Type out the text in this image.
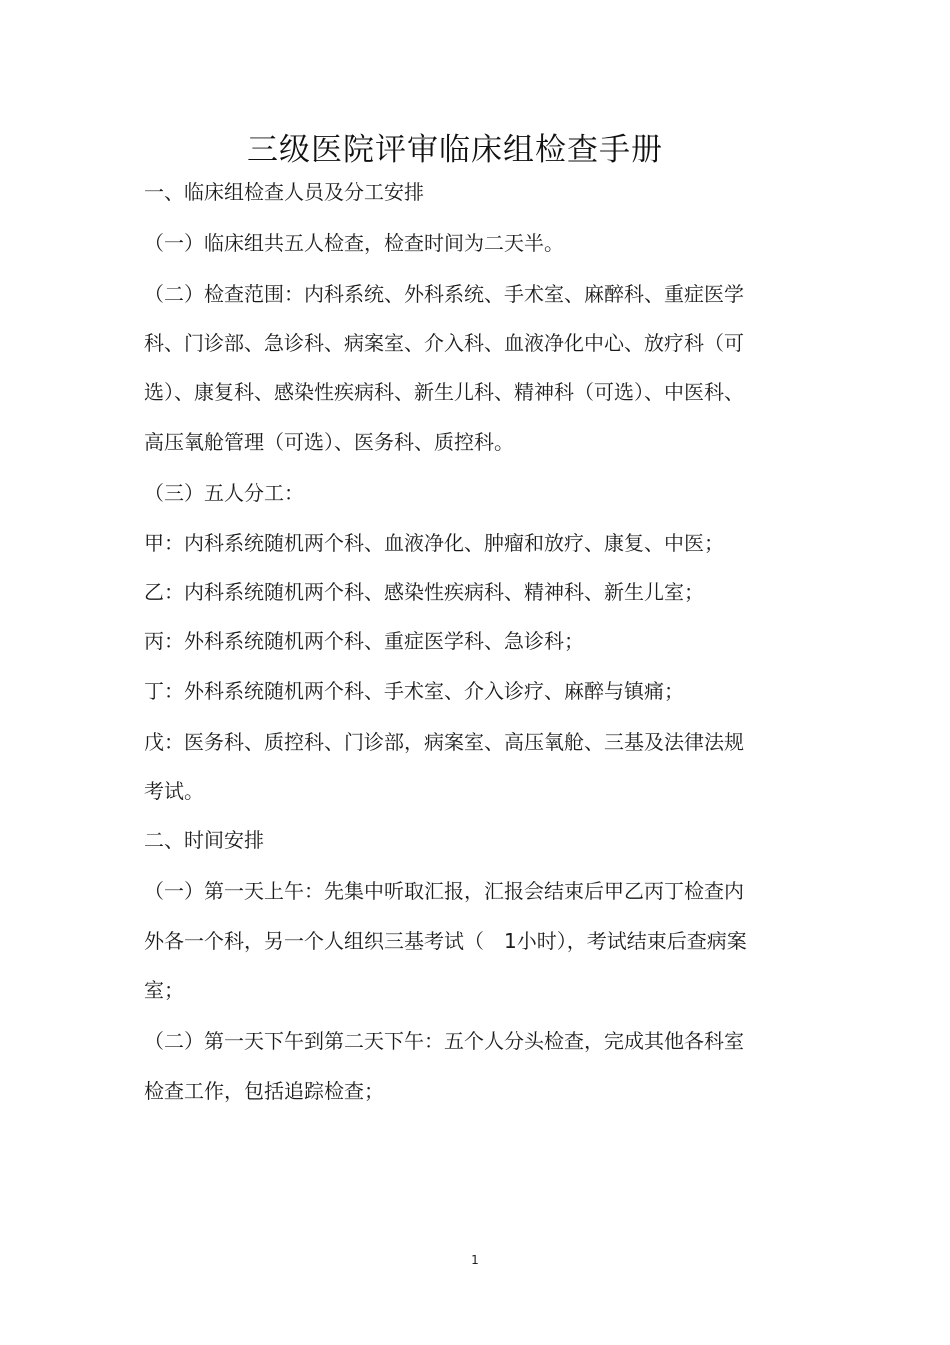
三级医院评审临床组检查手册
一、临床组检查人员及分工安排
（一）临床组共五人检查，检查时间为二天半。
（二）检查范围：内科系统、外科系统、手术室、麻醉科、重症医学
科、门诊部、急诊科、病案室、介入科、血液净化中心、放疗科（可
选）、康复科、感染性疾病科、新生儿科、精神科（可选）、中医科、
高压氧舱管理（可选）、医务科、质控科。
（三）五人分工：
甲：内科系统随机两个科、血液净化、肿瘤和放疗、康复、中医；
乙：内科系统随机两个科、感染性疾病科、精神科、新生儿室；
丙：外科系统随机两个科、重症医学科、急诊科；
丁：外科系统随机两个科、手术室、介入诊疗、麻醉与镇痛；
戊：医务科、质控科、门诊部，病案室、高压氧舱、三基及法律法规
考试。
二、时间安排
（一）第一天上午：先集中听取汇报，汇报会结束后甲乙丙丁检查内
外各一个科，另一个人组织三基考试（　1小时），考试结束后查病案
室；
（二）第一天下午到第二天下午：五个人分头检查，完成其他各科室
检查工作，包括追踪检查；
1
